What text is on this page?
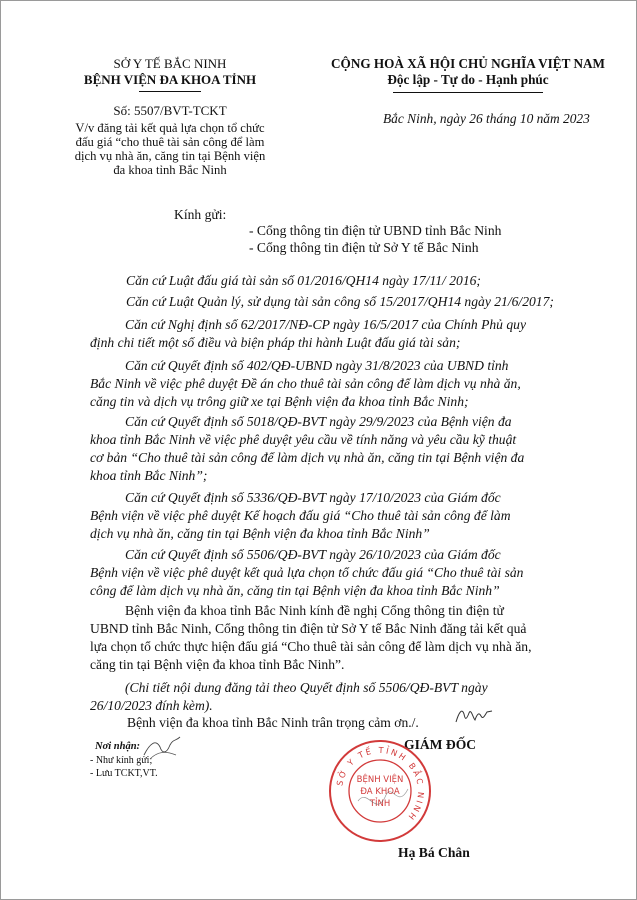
SỞ Y TẾ BẮC NINH
BỆNH VIỆN ĐA KHOA TỈNH
Số: 5507/BVT-TCKT
V/v đăng tải kết quả lựa chọn tổ chức
đấu giá “cho thuê tài sản công để làm
dịch vụ nhà ăn, căng tin tại Bệnh viện
đa khoa tỉnh Bắc Ninh
CỘNG HOÀ XÃ HỘI CHỦ NGHĨA VIỆT NAM
Độc lập - Tự do - Hạnh phúc
Bắc Ninh, ngày 26 tháng 10 năm 2023
Kính gửi:
- Cổng thông tin điện tử UBND tỉnh Bắc Ninh
- Cổng thông tin điện tử Sở Y tế Bắc Ninh
Căn cứ Luật đấu giá tài sản số 01/2016/QH14 ngày 17/11/ 2016;
Căn cứ Luật Quản lý, sử dụng tài sản công số 15/2017/QH14 ngày 21/6/2017;
Căn cứ Nghị định số 62/2017/NĐ-CP ngày 16/5/2017 của Chính Phủ quy
định chi tiết một số điều và biện pháp thi hành Luật đấu giá tài sản;
Căn cứ Quyết định số 402/QĐ-UBND ngày 31/8/2023 của UBND tỉnh
Bắc Ninh về việc phê duyệt Đề án cho thuê tài sản công để làm dịch vụ nhà ăn,
căng tin và dịch vụ trông giữ xe tại Bệnh viện đa khoa tỉnh Bắc Ninh;
Căn cứ Quyết định số 5018/QĐ-BVT ngày 29/9/2023 của Bệnh viện đa
khoa tỉnh Bắc Ninh về việc phê duyệt yêu cầu về tính năng và yêu cầu kỹ thuật
cơ bản “Cho thuê tài sản công để làm dịch vụ nhà ăn, căng tin tại Bệnh viện đa
khoa tỉnh Bắc Ninh”;
Căn cứ Quyết định số 5336/QĐ-BVT ngày 17/10/2023 của Giám đốc
Bệnh viện về việc phê duyệt Kế hoạch đấu giá “Cho thuê tài sản công để làm
dịch vụ nhà ăn, căng tin tại Bệnh viện đa khoa tỉnh Bắc Ninh”
Căn cứ Quyết định số 5506/QĐ-BVT ngày 26/10/2023 của Giám đốc
Bệnh viện về việc phê duyệt kết quả lựa chọn tổ chức đấu giá “Cho thuê tài sản
công để làm dịch vụ nhà ăn, căng tin tại Bệnh viện đa khoa tỉnh Bắc Ninh”
Bệnh viện đa khoa tỉnh Bắc Ninh kính đề nghị Cổng thông tin điện tử
UBND tỉnh Bắc Ninh, Cổng thông tin điện tử Sở Y tế Bắc Ninh đăng tải kết quả
lựa chọn tổ chức thực hiện đấu giá “Cho thuê tài sản công để làm dịch vụ nhà ăn,
căng tin tại Bệnh viện đa khoa tỉnh Bắc Ninh”.
(Chi tiết nội dung đăng tải theo Quyết định số 5506/QĐ-BVT ngày
26/10/2023 đính kèm).
Bệnh viện đa khoa tỉnh Bắc Ninh trân trọng cảm ơn./.
Nơi nhận:
- Như kính gửi;
- Lưu TCKT,VT.
GIÁM ĐỐC
SỞ Y TẾ TỈNH BẮC NINH
BỆNH VIỆN
ĐA KHOA
TỈNH
Hạ Bá Chân
